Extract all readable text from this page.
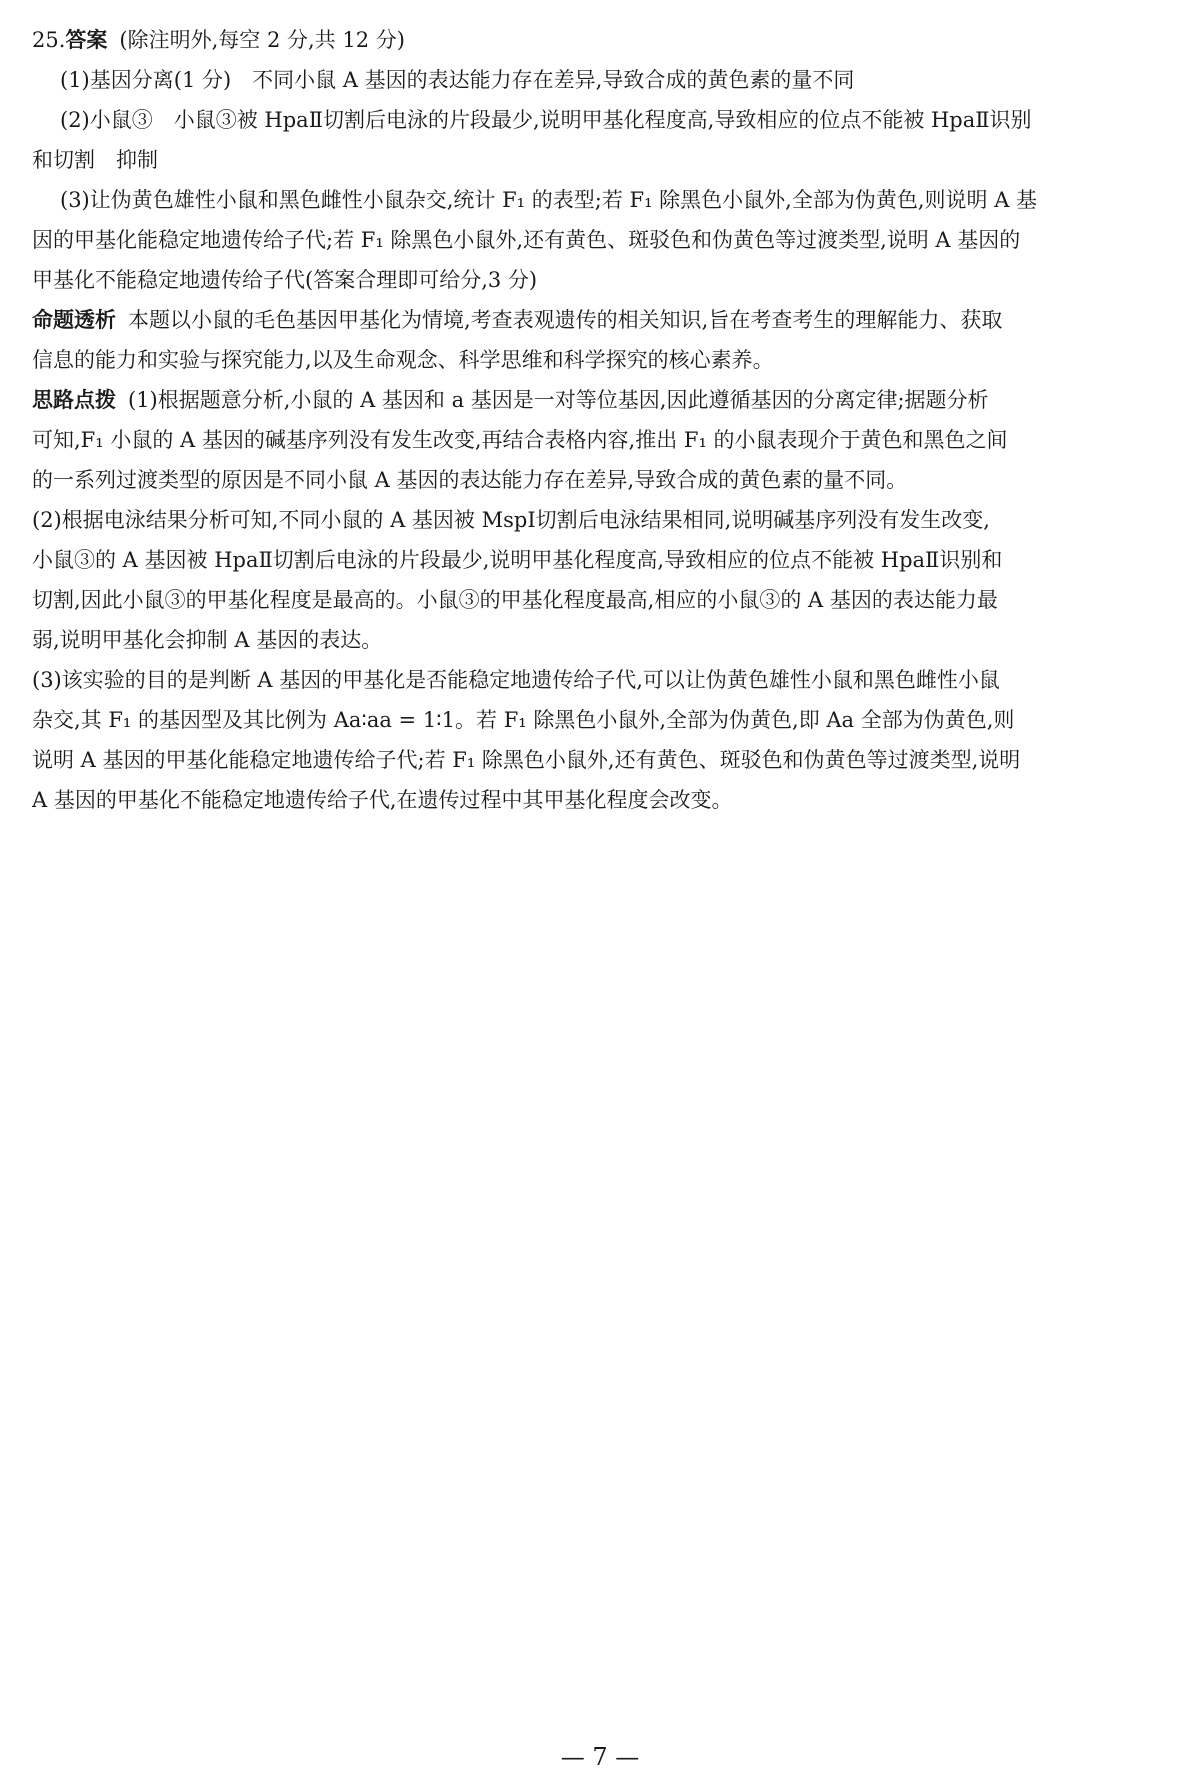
25.答案 (除注明外,每空 2 分,共 12 分)
(1)基因分离(1 分)　不同小鼠 A 基因的表达能力存在差异,导致合成的黄色素的量不同
(2)小鼠③　小鼠③被 HpaⅡ切割后电泳的片段最少,说明甲基化程度高,导致相应的位点不能被 HpaⅡ识别
和切割　抑制
(3)让伪黄色雄性小鼠和黑色雌性小鼠杂交,统计 F₁ 的表型;若 F₁ 除黑色小鼠外,全部为伪黄色,则说明 A 基
因的甲基化能稳定地遗传给子代;若 F₁ 除黑色小鼠外,还有黄色、斑驳色和伪黄色等过渡类型,说明 A 基因的
甲基化不能稳定地遗传给子代(答案合理即可给分,3 分)
命题透析 本题以小鼠的毛色基因甲基化为情境,考查表观遗传的相关知识,旨在考查考生的理解能力、获取
信息的能力和实验与探究能力,以及生命观念、科学思维和科学探究的核心素养。
思路点拨 (1)根据题意分析,小鼠的 A 基因和 a 基因是一对等位基因,因此遵循基因的分离定律;据题分析
可知,F₁ 小鼠的 A 基因的碱基序列没有发生改变,再结合表格内容,推出 F₁ 的小鼠表现介于黄色和黑色之间
的一系列过渡类型的原因是不同小鼠 A 基因的表达能力存在差异,导致合成的黄色素的量不同。
(2)根据电泳结果分析可知,不同小鼠的 A 基因被 MspⅠ切割后电泳结果相同,说明碱基序列没有发生改变,
小鼠③的 A 基因被 HpaⅡ切割后电泳的片段最少,说明甲基化程度高,导致相应的位点不能被 HpaⅡ识别和
切割,因此小鼠③的甲基化程度是最高的。小鼠③的甲基化程度最高,相应的小鼠③的 A 基因的表达能力最
弱,说明甲基化会抑制 A 基因的表达。
(3)该实验的目的是判断 A 基因的甲基化是否能稳定地遗传给子代,可以让伪黄色雄性小鼠和黑色雌性小鼠
杂交,其 F₁ 的基因型及其比例为 Aa∶aa = 1∶1。若 F₁ 除黑色小鼠外,全部为伪黄色,即 Aa 全部为伪黄色,则
说明 A 基因的甲基化能稳定地遗传给子代;若 F₁ 除黑色小鼠外,还有黄色、斑驳色和伪黄色等过渡类型,说明
A 基因的甲基化不能稳定地遗传给子代,在遗传过程中其甲基化程度会改变。
— 7 —
